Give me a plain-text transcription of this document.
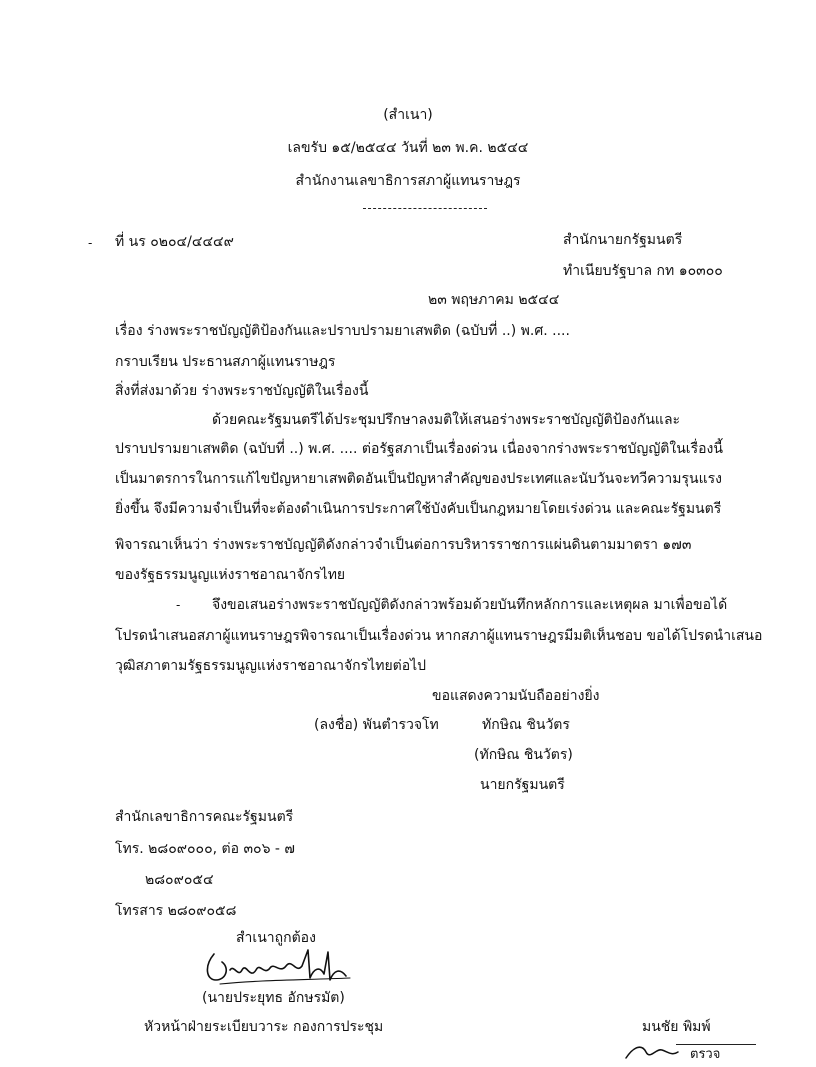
(สำเนา)
เลขรับ ๑๕/๒๕๔๔ วันที่ ๒๓ พ.ค. ๒๕๔๔
สำนักงานเลขาธิการสภาผู้แทนราษฎร
- ที่ นร ๐๒๐๔/๔๔๔๙	สำนักนายกรัฐมนตรี
ทำเนียบรัฐบาล กท ๑๐๓๐๐
๒๓ พฤษภาคม ๒๕๔๔
เรื่อง ร่างพระราชบัญญัติป้องกันและปราบปรามยาเสพติด (ฉบับที่ ..) พ.ศ. ....
กราบเรียน ประธานสภาผู้แทนราษฎร
สิ่งที่ส่งมาด้วย ร่างพระราชบัญญัติในเรื่องนี้
ด้วยคณะรัฐมนตรีได้ประชุมปรึกษาลงมติให้เสนอร่างพระราชบัญญัติป้องกันและ
ปราบปรามยาเสพติด (ฉบับที่ ..) พ.ศ. .... ต่อรัฐสภาเป็นเรื่องด่วน เนื่องจากร่างพระราชบัญญัติในเรื่องนี้
เป็นมาตรการในการแก้ไขปัญหายาเสพติดอันเป็นปัญหาสำคัญของประเทศและนับวันจะทวีความรุนแรง
ยิ่งขึ้น จึงมีความจำเป็นที่จะต้องดำเนินการประกาศใช้บังคับเป็นกฎหมายโดยเร่งด่วน และคณะรัฐมนตรี
พิจารณาเห็นว่า ร่างพระราชบัญญัติดังกล่าวจำเป็นต่อการบริหารราชการแผ่นดินตามมาตรา ๑๗๓
ของรัฐธรรมนูญแห่งราชอาณาจักรไทย
- จึงขอเสนอร่างพระราชบัญญัติดังกล่าวพร้อมด้วยบันทึกหลักการและเหตุผล มาเพื่อขอได้
โปรดนำเสนอสภาผู้แทนราษฎรพิจารณาเป็นเรื่องด่วน หากสภาผู้แทนราษฎรมีมติเห็นชอบ ขอได้โปรดนำเสนอ
วุฒิสภาตามรัฐธรรมนูญแห่งราชอาณาจักรไทยต่อไป
ขอแสดงความนับถืออย่างยิ่ง
(ลงชื่อ) พันตำรวจโท	ทักษิณ ชินวัตร
(ทักษิณ ชินวัตร)
นายกรัฐมนตรี
สำนักเลขาธิการคณะรัฐมนตรี
โทร. ๒๘๐๙๐๐๐, ต่อ ๓๐๖ - ๗
๒๘๐๙๐๕๔
โทรสาร ๒๘๐๙๐๕๘
สำเนาถูกต้อง
(นายประยุทธ อักษรมัต)
หัวหน้าฝ่ายระเบียบวาระ กองการประชุม	มนชัย พิมพ์
ตรวจ
